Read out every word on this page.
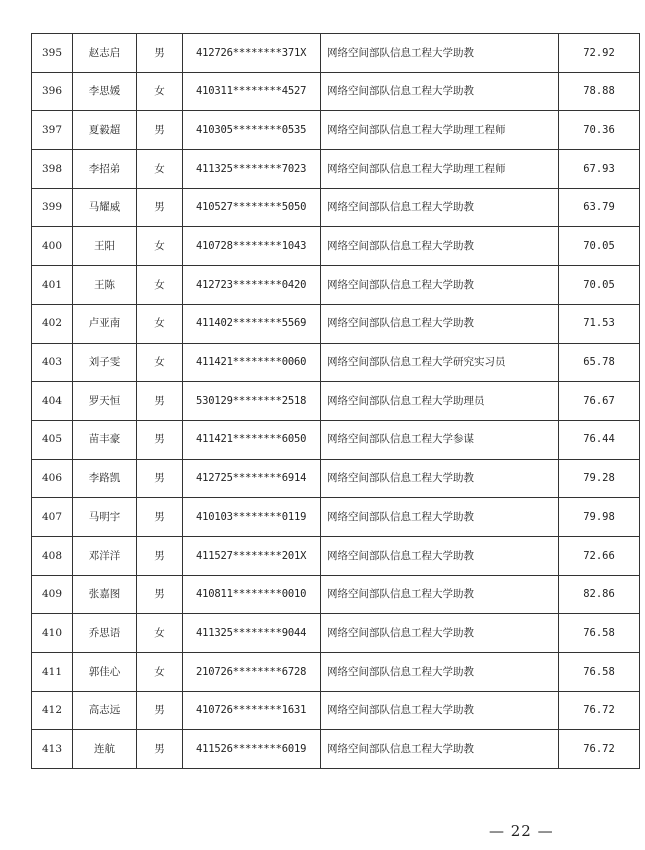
395	赵志启	男	412726********371X	网络空间部队信息工程大学助教	72.92
396	李思媛	女	410311********4527	网络空间部队信息工程大学助教	78.88
397	夏毅超	男	410305********0535	网络空间部队信息工程大学助理工程师	70.36
398	李招弟	女	411325********7023	网络空间部队信息工程大学助理工程师	67.93
399	马耀威	男	410527********5050	网络空间部队信息工程大学助教	63.79
400	王阳	女	410728********1043	网络空间部队信息工程大学助教	70.05
401	王陈	女	412723********0420	网络空间部队信息工程大学助教	70.05
402	卢亚南	女	411402********5569	网络空间部队信息工程大学助教	71.53
403	刘子雯	女	411421********0060	网络空间部队信息工程大学研究实习员	65.78
404	罗天恒	男	530129********2518	网络空间部队信息工程大学助理员	76.67
405	苗丰豪	男	411421********6050	网络空间部队信息工程大学参谋	76.44
406	李路凯	男	412725********6914	网络空间部队信息工程大学助教	79.28
407	马明宇	男	410103********0119	网络空间部队信息工程大学助教	79.98
408	邓洋洋	男	411527********201X	网络空间部队信息工程大学助教	72.66
409	张嘉图	男	410811********0010	网络空间部队信息工程大学助教	82.86
410	乔思语	女	411325********9044	网络空间部队信息工程大学助教	76.58
411	郭佳心	女	210726********6728	网络空间部队信息工程大学助教	76.58
412	高志远	男	410726********1631	网络空间部队信息工程大学助教	76.72
413	连航	男	411526********6019	网络空间部队信息工程大学助教	76.72
— 22 —
